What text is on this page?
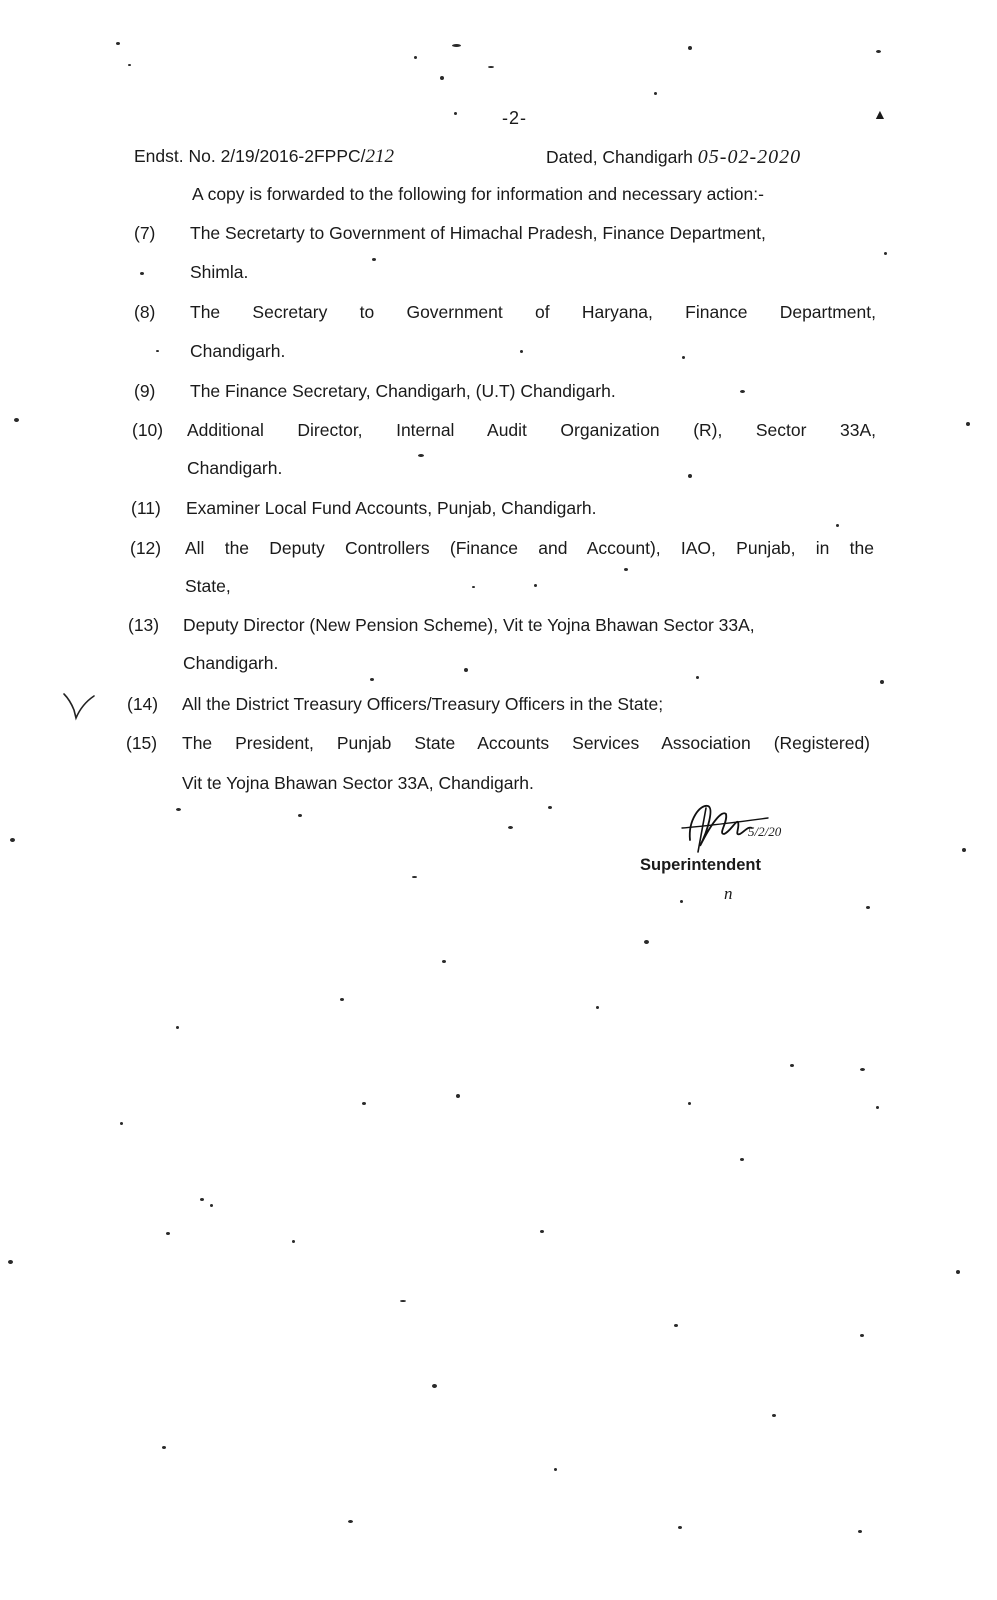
-2-	▲
Endst. No. 2/19/2016-2FPPC/212	Dated, Chandigarh 05-02-2020
A copy is forwarded to the following for information and necessary action:-
(7) The Secretarty to Government of Himachal Pradesh, Finance Department,
Shimla.
(8) The Secretary to Government of Haryana, Finance Department,
Chandigarh.
(9) The Finance Secretary, Chandigarh, (U.T) Chandigarh.
(10) Additional Director, Internal Audit Organization (R), Sector 33A,
Chandigarh.
(11) Examiner Local Fund Accounts, Punjab, Chandigarh.
(12) All the Deputy Controllers (Finance and Account), IAO, Punjab, in the
State,
(13) Deputy Director (New Pension Scheme), Vit te Yojna Bhawan Sector 33A,
Chandigarh.
(14) All the District Treasury Officers/Treasury Officers in the State;
(15) The President, Punjab State Accounts Services Association (Registered)
Vit te Yojna Bhawan Sector 33A, Chandigarh.
5/2/20
Superintendent
n
